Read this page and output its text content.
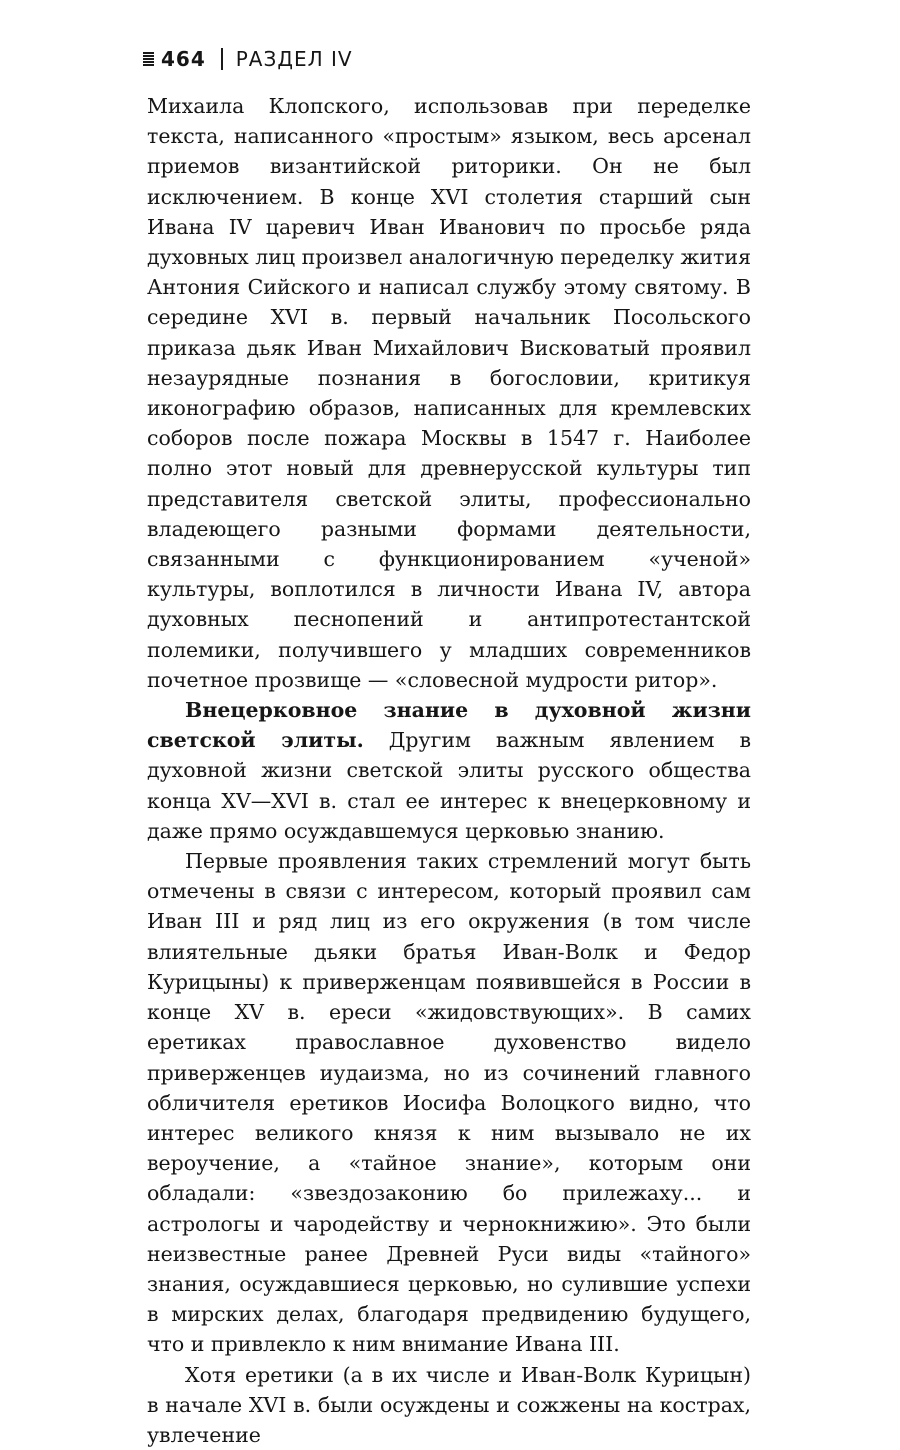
464 РАЗДЕЛ IV

Михаила Клопского, использовав при переделке текста, написанного «простым» языком, весь арсенал приемов византийской риторики. Он не был исключением. В конце XVI столетия старший сын Ивана IV царевич Иван Иванович по просьбе ряда духовных лиц произвел аналогичную переделку жития Антония Сийского и написал службу этому святому. В середине XVI в. первый начальник Посольского приказа дьяк Иван Михайлович Висковатый проявил незаурядные познания в богословии, критикуя иконографию образов, написанных для кремлевских соборов после пожара Москвы в 1547 г. Наиболее полно этот новый для древнерусской культуры тип представителя светской элиты, профессионально владеющего разными формами деятельности, связанными с функционированием «ученой» культуры, воплотился в личности Ивана IV, автора духовных песнопений и антипротестантской полемики, получившего у младших современников почетное прозвище — «словесной мудрости ритор».

Внецерковное знание в духовной жизни светской элиты. Другим важным явлением в духовной жизни светской элиты русского общества конца XV—XVI в. стал ее интерес к внецерковному и даже прямо осуждавшемуся церковью знанию.

Первые проявления таких стремлений могут быть отмечены в связи с интересом, который проявил сам Иван III и ряд лиц из его окружения (в том числе влиятельные дьяки братья Иван-Волк и Федор Курицыны) к приверженцам появившейся в России в конце XV в. ереси «жидовствующих». В самих еретиках православное духовенство видело приверженцев иудаизма, но из сочинений главного обличителя еретиков Иосифа Волоцкого видно, что интерес великого князя к ним вызывало не их вероучение, а «тайное знание», которым они обладали: «звездозаконию бо прилежаху... и астрологы и чародейству и чернокнижию». Это были неизвестные ранее Древней Руси виды «тайного» знания, осуждавшиеся церковью, но сулившие успехи в мирских делах, благодаря предвидению будущего, что и привлекло к ним внимание Ивана III.

Хотя еретики (а в их числе и Иван-Волк Курицын) в начале XVI в. были осуждены и сожжены на кострах, увлечение
